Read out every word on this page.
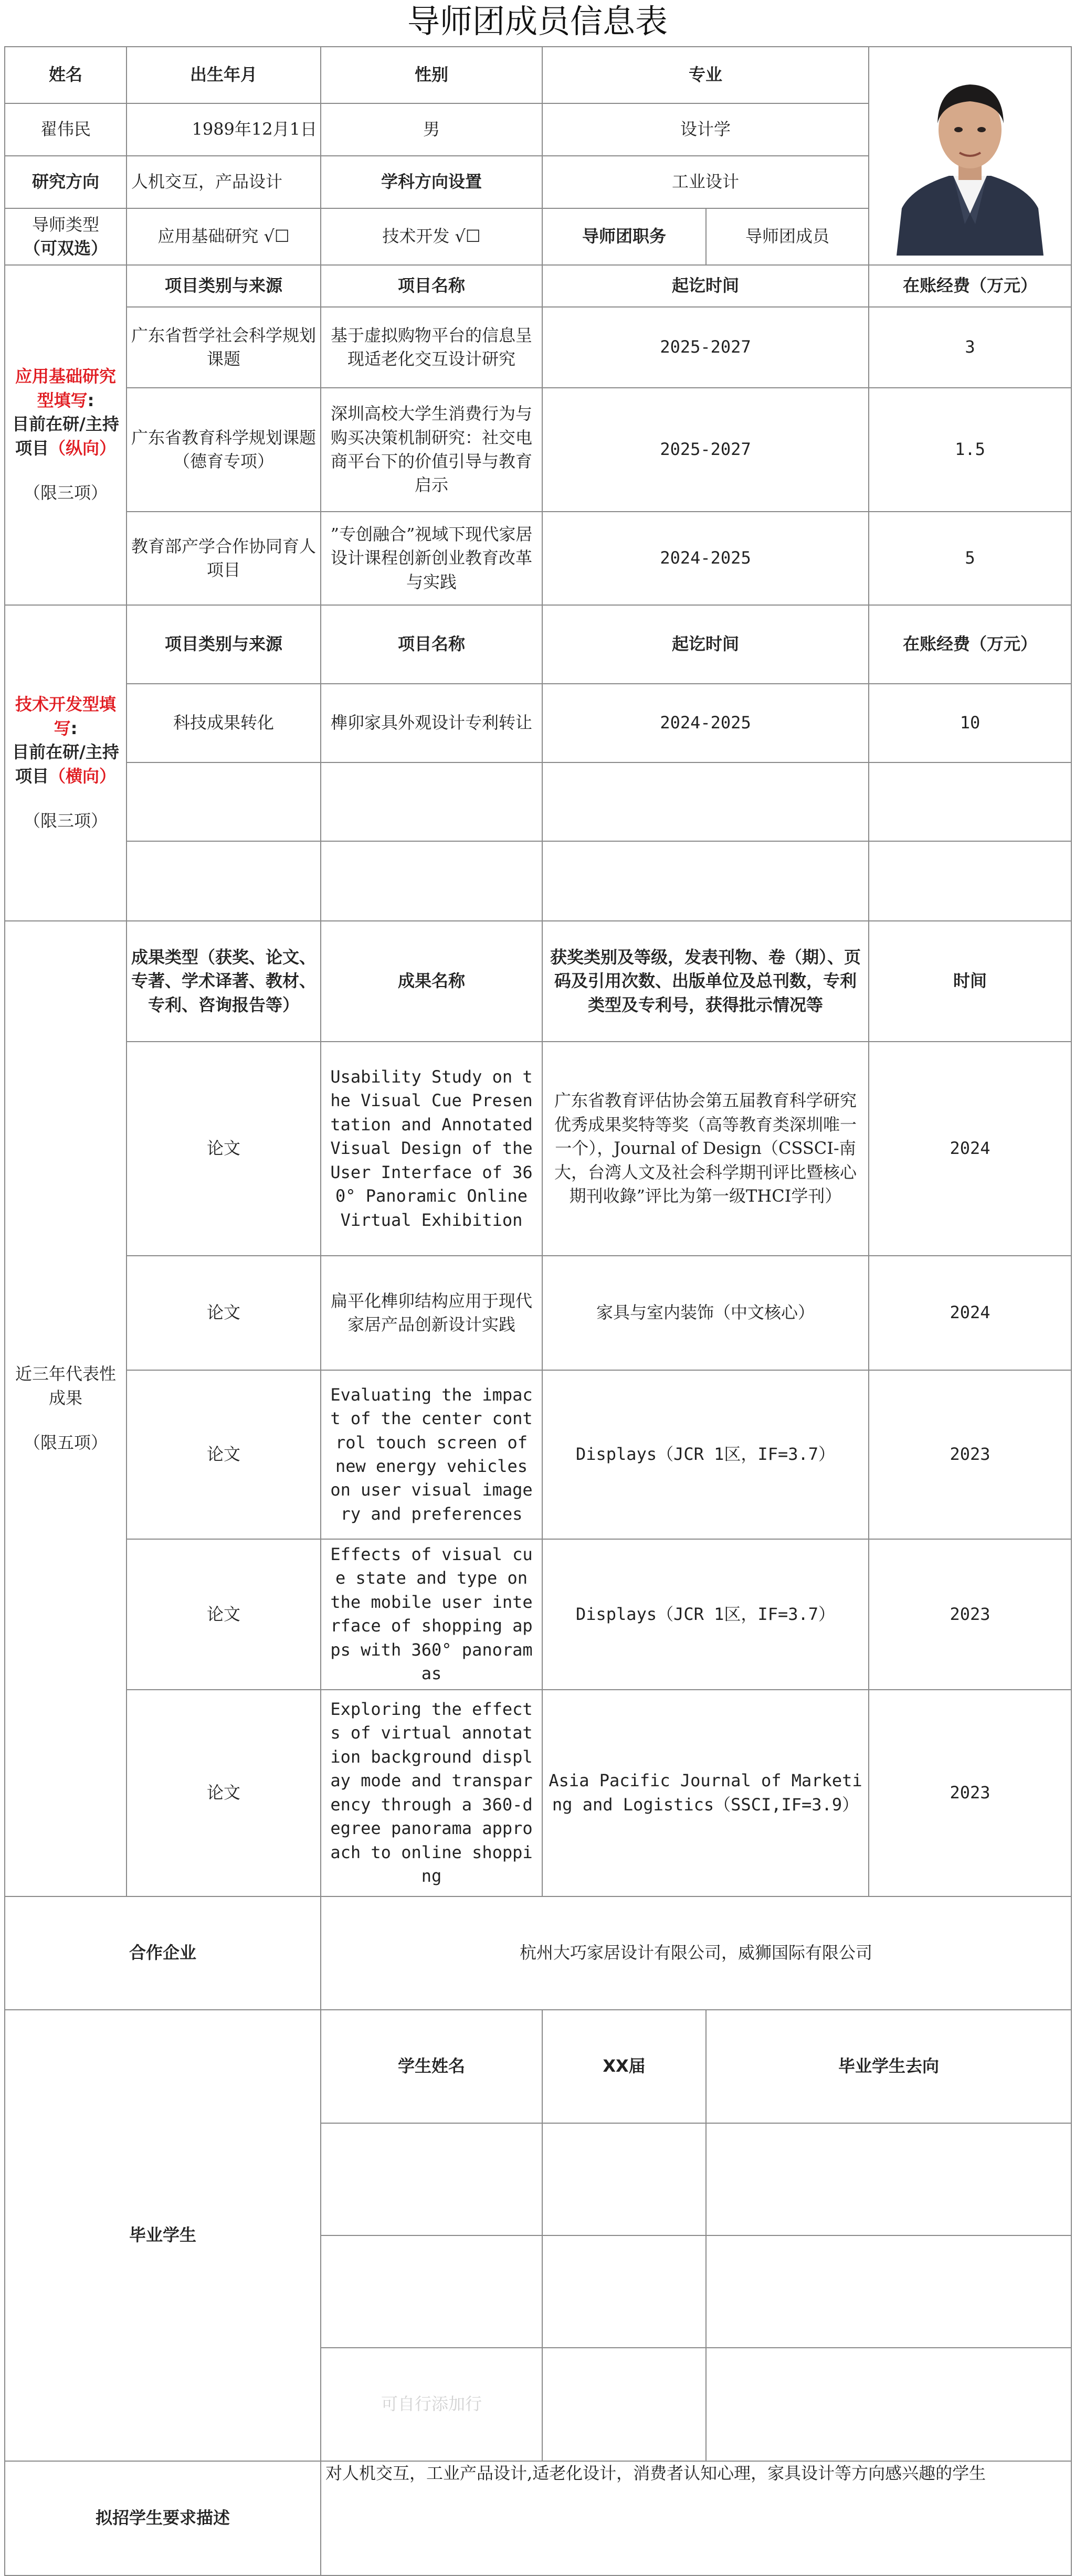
导师团成员信息表
姓名	出生年月	性别	专业	

翟伟民	1989年12月1日	男	设计学		
研究方向	人机交互，产品设计	学科方向设置	工业设计		

导师类型
（可双选）	应用基础研究 √☐	技术开发 √☐	导师团职务	导师团成员	

应用基础研究型填写:
目前在研/主持项目（纵向）
（限三项）	项目类别与来源	项目名称	起讫时间		在账经费（万元）
	广东省哲学社会科学规划课题	基于虚拟购物平台的信息呈现适老化交互设计研究	2025-2027		3
	广东省教育科学规划课题（德育专项）	深圳高校大学生消费行为与购买决策机制研究：社交电商平台下的价值引导与教育启示	2025-2027		1.5
	教育部产学合作协同育人项目	”专创融合”视域下现代家居设计课程创新创业教育改革与实践	2024-2025		5

技术开发型填写:
目前在研/主持项目（横向）
（限三项）	项目类别与来源	项目名称	起讫时间		在账经费（万元）
	科技成果转化	榫卯家具外观设计专利转让	2024-2025		10

近三年代表性成果
（限五项）	成果类型（获奖、论文、专著、学术译著、教材、专利、咨询报告等）	成果名称	获奖类别及等级，发表刊物、卷（期）、页码及引用次数、出版单位及总刊数，专利类型及专利号，获得批示情况等		时间
	论文	Usability Study on the Visual Cue Presentation and Annotated Visual Design of the User Interface of 360° Panoramic Online Virtual Exhibition	广东省教育评估协会第五届教育科学研究优秀成果奖特等奖（高等教育类深圳唯一一个），Journal of Design（CSSCI-南大，台湾人文及社会科学期刊评比暨核心期刊收錄”评比为第一级THCI学刊）		2024
	论文	扁平化榫卯结构应用于现代家居产品创新设计实践	家具与室内装饰（中文核心）		2024
	论文	Evaluating the impact of the center control touch screen of new energy vehicles on user visual imagery and preferences	Displays（JCR 1区，IF=3.7）		2023
	论文	Effects of visual cue state and type on the mobile user interface of shopping apps with 360° panoramas	Displays（JCR 1区，IF=3.7）		2023
	论文	Exploring the effects of virtual annotation background display mode and transparency through a 360-degree panorama approach to online shopping	Asia Pacific Journal of Marketing and Logistics（SSCI,IF=3.9）		2023
合作企业		杭州大巧家居设计有限公司，威狮国际有限公司			
毕业学生		学生姓名	XX届	毕业学生去向	

		可自行添加行			
拟招学生要求描述		对人机交互，工业产品设计,适老化设计，消费者认知心理，家具设计等方向感兴趣的学生			
